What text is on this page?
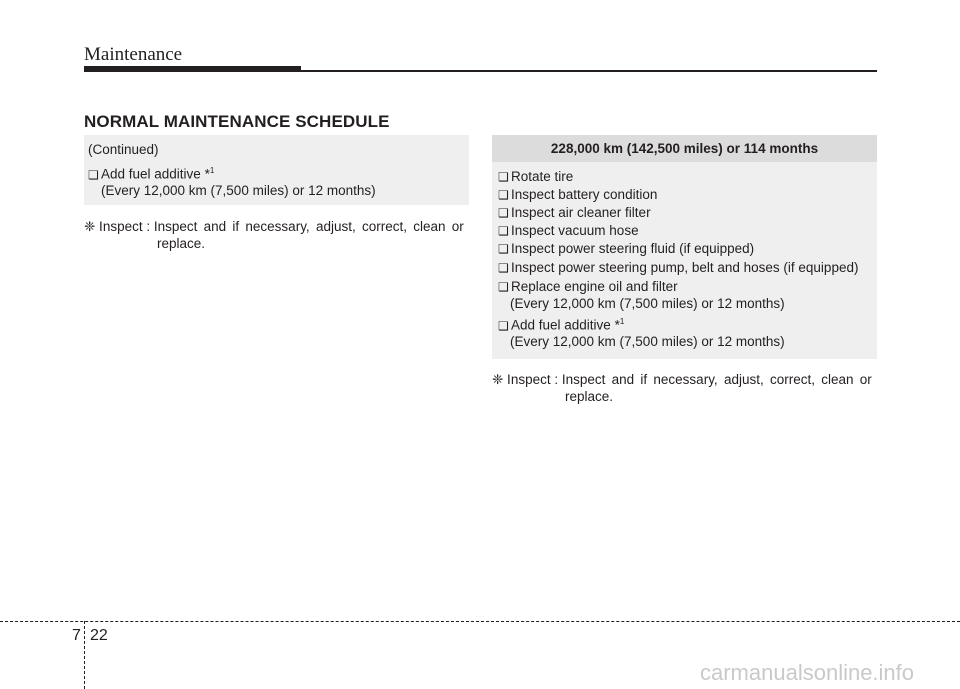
Maintenance
NORMAL MAINTENANCE SCHEDULE
(Continued)
❑ Add fuel additive *$^1$
(Every 12,000 km (7,500 miles) or 12 months)
❈ Inspect : Inspect and if necessary, adjust, correct, clean or
replace.
228,000 km (142,500 miles) or 114 months
❑ Rotate tire
❑ Inspect battery condition
❑ Inspect air cleaner filter
❑ Inspect vacuum hose
❑ Inspect power steering fluid (if equipped)
❑ Inspect power steering pump, belt and hoses (if equipped)
❑ Replace engine oil and filter
(Every 12,000 km (7,500 miles) or 12 months)
❑ Add fuel additive *$^1$
(Every 12,000 km (7,500 miles) or 12 months)
❈ Inspect : Inspect and if necessary, adjust, correct, clean or
replace.
7 22
carmanualsonline.info
